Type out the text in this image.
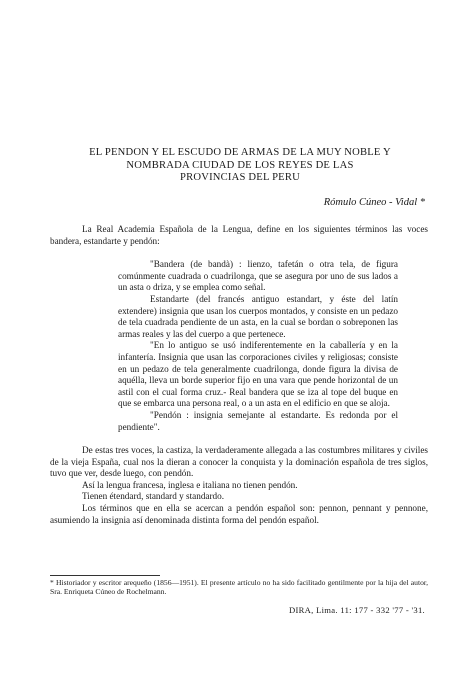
EL PENDON Y EL ESCUDO DE ARMAS DE LA MUY NOBLE Y
NOMBRADA CIUDAD DE LOS REYES DE LAS
PROVINCIAS DEL PERU
Rómulo Cúneo - Vidal *

La Real Academia Española de la Lengua, define en los siguientes términos las voces bandera, estandarte y pendón:

"Bandera (de bandà) : lienzo, tafetán o otra tela, de figura comúnmente cuadrada o cuadrilonga, que se asegura por uno de sus lados a un asta o driza, y se emplea como señal.

Estandarte (del francés antiguo estandart, y éste del latín extendere) insignia que usan los cuerpos montados, y consiste en un pedazo de tela cuadrada pendiente de un asta, en la cual se bordan o sobreponen las armas reales y las del cuerpo a que pertenece.

"En lo antiguo se usó indiferentemente en la caballería y en la infantería. Insignia que usan las corporaciones civiles y religiosas; consiste en un pedazo de tela generalmente cuadrilonga, donde figura la divisa de aquélla, lleva un borde superior fijo en una vara que pende horizontal de un astil con el cual forma cruz.- Real bandera que se iza al tope del buque en que se embarca una persona real, o a un asta en el edificio en que se aloja.

"Pendón : insignia semejante al estandarte. Es redonda por el pendiente".

De estas tres voces, la castiza, la verdaderamente allegada a las costumbres militares y civiles de la vieja España, cual nos la dieran a conocer la conquista y la dominación española de tres siglos, tuvo que ver, desde luego, con pendón.

Así la lengua francesa, inglesa e italiana no tienen pendón.

Tienen étendard, standard y standardo.

Los términos que en ella se acercan a pendón español son: pennon, pennant y pennone, asumiendo la insignia así denominada distinta forma del pendón español.

* Historiador y escritor arequeño (1856—1951). El presente artículo no ha sido facilitado gentilmente por la hija del autor, Sra. Enriqueta Cúneo de Rochelmann.
DIRA, Lima. 11: 177 - 332 '77 - '31.
